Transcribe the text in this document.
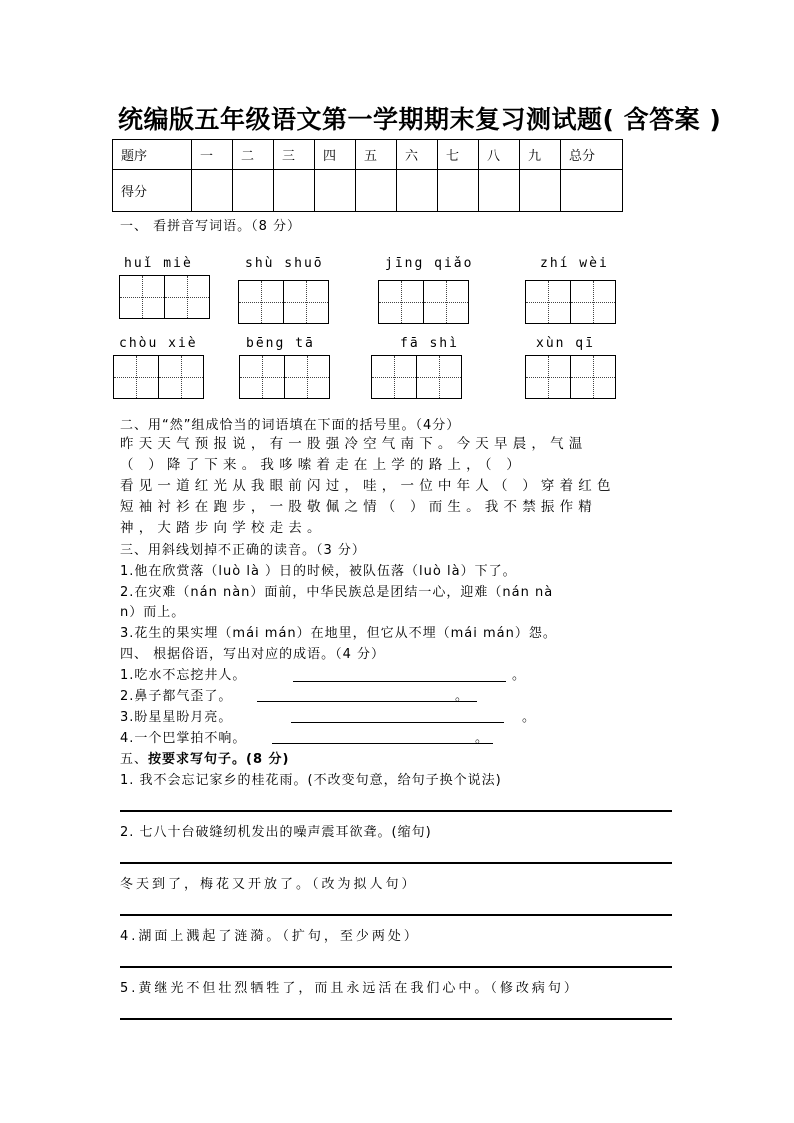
统编版五年级语文第一学期期末复习测试题( 含答案 )
题序	一	二	三	四	五	六	七	八	九	总分
得分										
一、 看拼音写词语。（8 分）
huǐ miè	shù shuō	jīng qiǎo	zhí wèi
chòu xiè	bēng tā	fā shì	xùn qī
二、用“然”组成恰当的词语填在下面的括号里。（4分）
昨天天气预报说，有一股强冷空气南下。今天早晨，气温
（ ）降了下来。我哆嗦着走在上学的路上，（ ）
看见一道红光从我眼前闪过，哇，一位中年人（ ）穿着红色
短袖衬衫在跑步，一股敬佩之情（ ）而生。我不禁振作精
神，大踏步向学校走去。
三、用斜线划掉不正确的读音。（3 分）
1.他在欣赏落（luò là ）日的时候，被队伍落（luò là）下了。
2.在灾难（nán nàn）面前，中华民族总是团结一心，迎难（nán nà
n）而上。
3.花生的果实埋（mái mán）在地里，但它从不埋（mái mán）怨。
四、 根据俗语，写出对应的成语。（4 分）
1.吃水不忘挖井人。	。
2.鼻子都气歪了。	。
3.盼星星盼月亮。	。
4.一个巴掌拍不响。	。
五、按要求写句子。(8 分)
1. 我不会忘记家乡的桂花雨。(不改变句意，给句子换个说法)
2. 七八十台破缝纫机发出的噪声震耳欲聋。(缩句)
冬天到了，梅花又开放了。（改为拟人句）
4.湖面上溅起了涟漪。（扩句，至少两处）
5.黄继光不但壮烈牺牲了，而且永远活在我们心中。（修改病句）
